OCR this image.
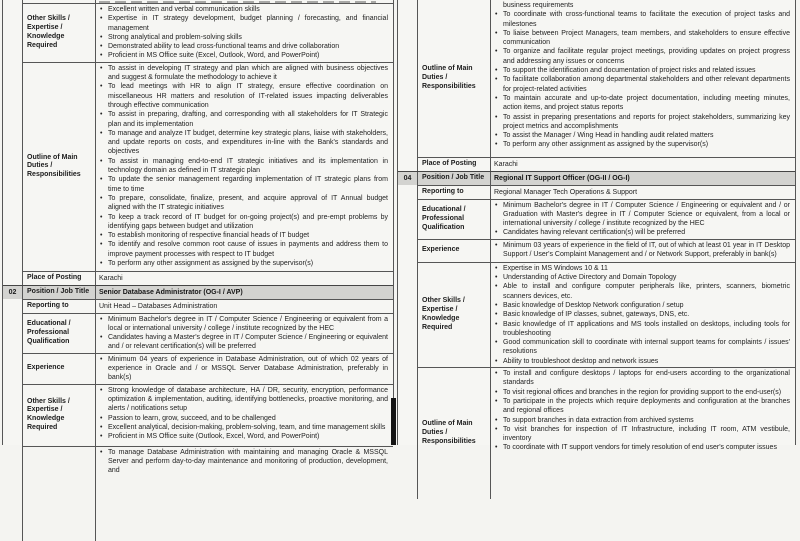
Other Skills / Expertise / Knowledge Required
• Excellent written and verbal communication skills
• Expertise in IT strategy development, budget planning / forecasting, and financial management
• Strong analytical and problem-solving skills
• Demonstrated ability to lead cross-functional teams and drive collaboration
• Proficient in MS Office suite (Excel, Outlook, Word, and PowerPoint)
Outline of Main Duties / Responsibilities
• To assist in developing IT strategy and plan which are aligned with business objectives and suggest & formulate the methodology to achieve it
• To lead meetings with HR to align IT strategy, ensure effective coordination on miscellaneous HR matters and resolution of IT-related issues impacting deliverables through effective communication
• To assist in preparing, drafting, and corresponding with all stakeholders for IT Strategic plan and its implementation
• To manage and analyze IT budget, determine key strategic plans, liaise with stakeholders, and update reports on costs, and expenditures in-line with the Bank's standards and objectives
• To assist in managing end-to-end IT strategic initiatives and its implementation in technology domain as defined in IT strategic plan
• To update the senior management regarding implementation of IT strategic plans from time to time
• To prepare, consolidate, finalize, present, and acquire approval of IT Annual budget aligned with the IT strategic initiatives
• To keep a track record of IT budget for on-going project(s) and pre-empt problems by identifying gaps between budget and utilization
• To establish monitoring of respective financial heads of IT budget
• To identify and resolve common root cause of issues in payments and address them to improve payment processes with respect to IT budget
• To perform any other assignment as assigned by the supervisor(s)
Place of Posting	Karachi
02	Position / Job Title Senior Database Administrator (OG-I / AVP)
Reporting to	Unit Head – Databases Administration
Educational / Professional Qualification
• Minimum Bachelor's degree in IT / Computer Science / Engineering or equivalent from a local or international university / college / institute recognized by the HEC
• Candidates having a Master's degree in IT / Computer Science / Engineering or equivalent and / or relevant certification(s) will be preferred
Experience
• Minimum 04 years of experience in Database Administration, out of which 02 years of experience in Oracle and / or MSSQL Server Database Administration, preferably in bank(s)
Other Skills / Expertise / Knowledge Required
• Strong knowledge of database architecture, HA / DR, security, encryption, performance optimization & implementation, auditing, identifying bottlenecks, proactive monitoring, and alerts / notifications setup
• Passion to learn, grow, succeed, and to be challenged
• Excellent analytical, decision-making, problem-solving, team, and time management skills
• Proficient in MS Office suite (Outlook, Excel, Word, and PowerPoint)
• To manage Database Administration with maintaining and managing Oracle & MSSQL Server and perform day-to-day maintenance and monitoring of production, development, and
Outline of Main Duties / Responsibilities
business requirements
• To coordinate with cross-functional teams to facilitate the execution of project tasks and milestones
• To liaise between Project Managers, team members, and stakeholders to ensure effective communication
• To organize and facilitate regular project meetings, providing updates on project progress and addressing any issues or concerns
• To support the identification and documentation of project risks and related issues
• To facilitate collaboration among departmental stakeholders and other relevant departments for project-related activities
• To maintain accurate and up-to-date project documentation, including meeting minutes, action items, and project status reports
• To assist in preparing presentations and reports for project stakeholders, summarizing key project metrics and accomplishments
• To assist the Manager / Wing Head in handling audit related matters
• To perform any other assignment as assigned by the supervisor(s)
Place of Posting	Karachi
04	Position / Job Title Regional IT Support Officer (OG-II / OG-I)
Reporting to	Regional Manager Tech Operations & Support
Educational / Professional Qualification
• Minimum Bachelor's degree in IT / Computer Science / Engineering or equivalent and / or Graduation with Master's degree in IT / Computer Science or equivalent, from a local or international university / college / institute recognized by the HEC
• Candidates having relevant certification(s) will be preferred
Experience
• Minimum 03 years of experience in the field of IT, out of which at least 01 year in IT Desktop Support / User's Complaint Management and / or Network Support, preferably in bank(s)
Other Skills / Expertise / Knowledge Required
• Expertise in MS Windows 10 & 11
• Understanding of Active Directory and Domain Topology
• Able to install and configure computer peripherals like, printers, scanners, biometric scanners devices, etc.
• Basic knowledge of Desktop Network configuration / setup
• Basic knowledge of IP classes, subnet, gateways, DNS, etc.
• Basic knowledge of IT applications and MS tools installed on desktops, including tools for troubleshooting
• Good communication skill to coordinate with internal support teams for complaints / issues' resolutions
• Ability to troubleshoot desktop and network issues
Outline of Main Duties / Responsibilities
• To install and configure desktops / laptops for end-users according to the organizational standards
• To visit regional offices and branches in the region for providing support to the end-user(s)
• To participate in the projects which require deployments and configuration at the branches and regional offices
• To support branches in data extraction from archived systems
• To visit branches for inspection of IT Infrastructure, including IT room, ATM vestibule, inventory
• To coordinate with IT support vendors for timely resolution of end user's computer issues
